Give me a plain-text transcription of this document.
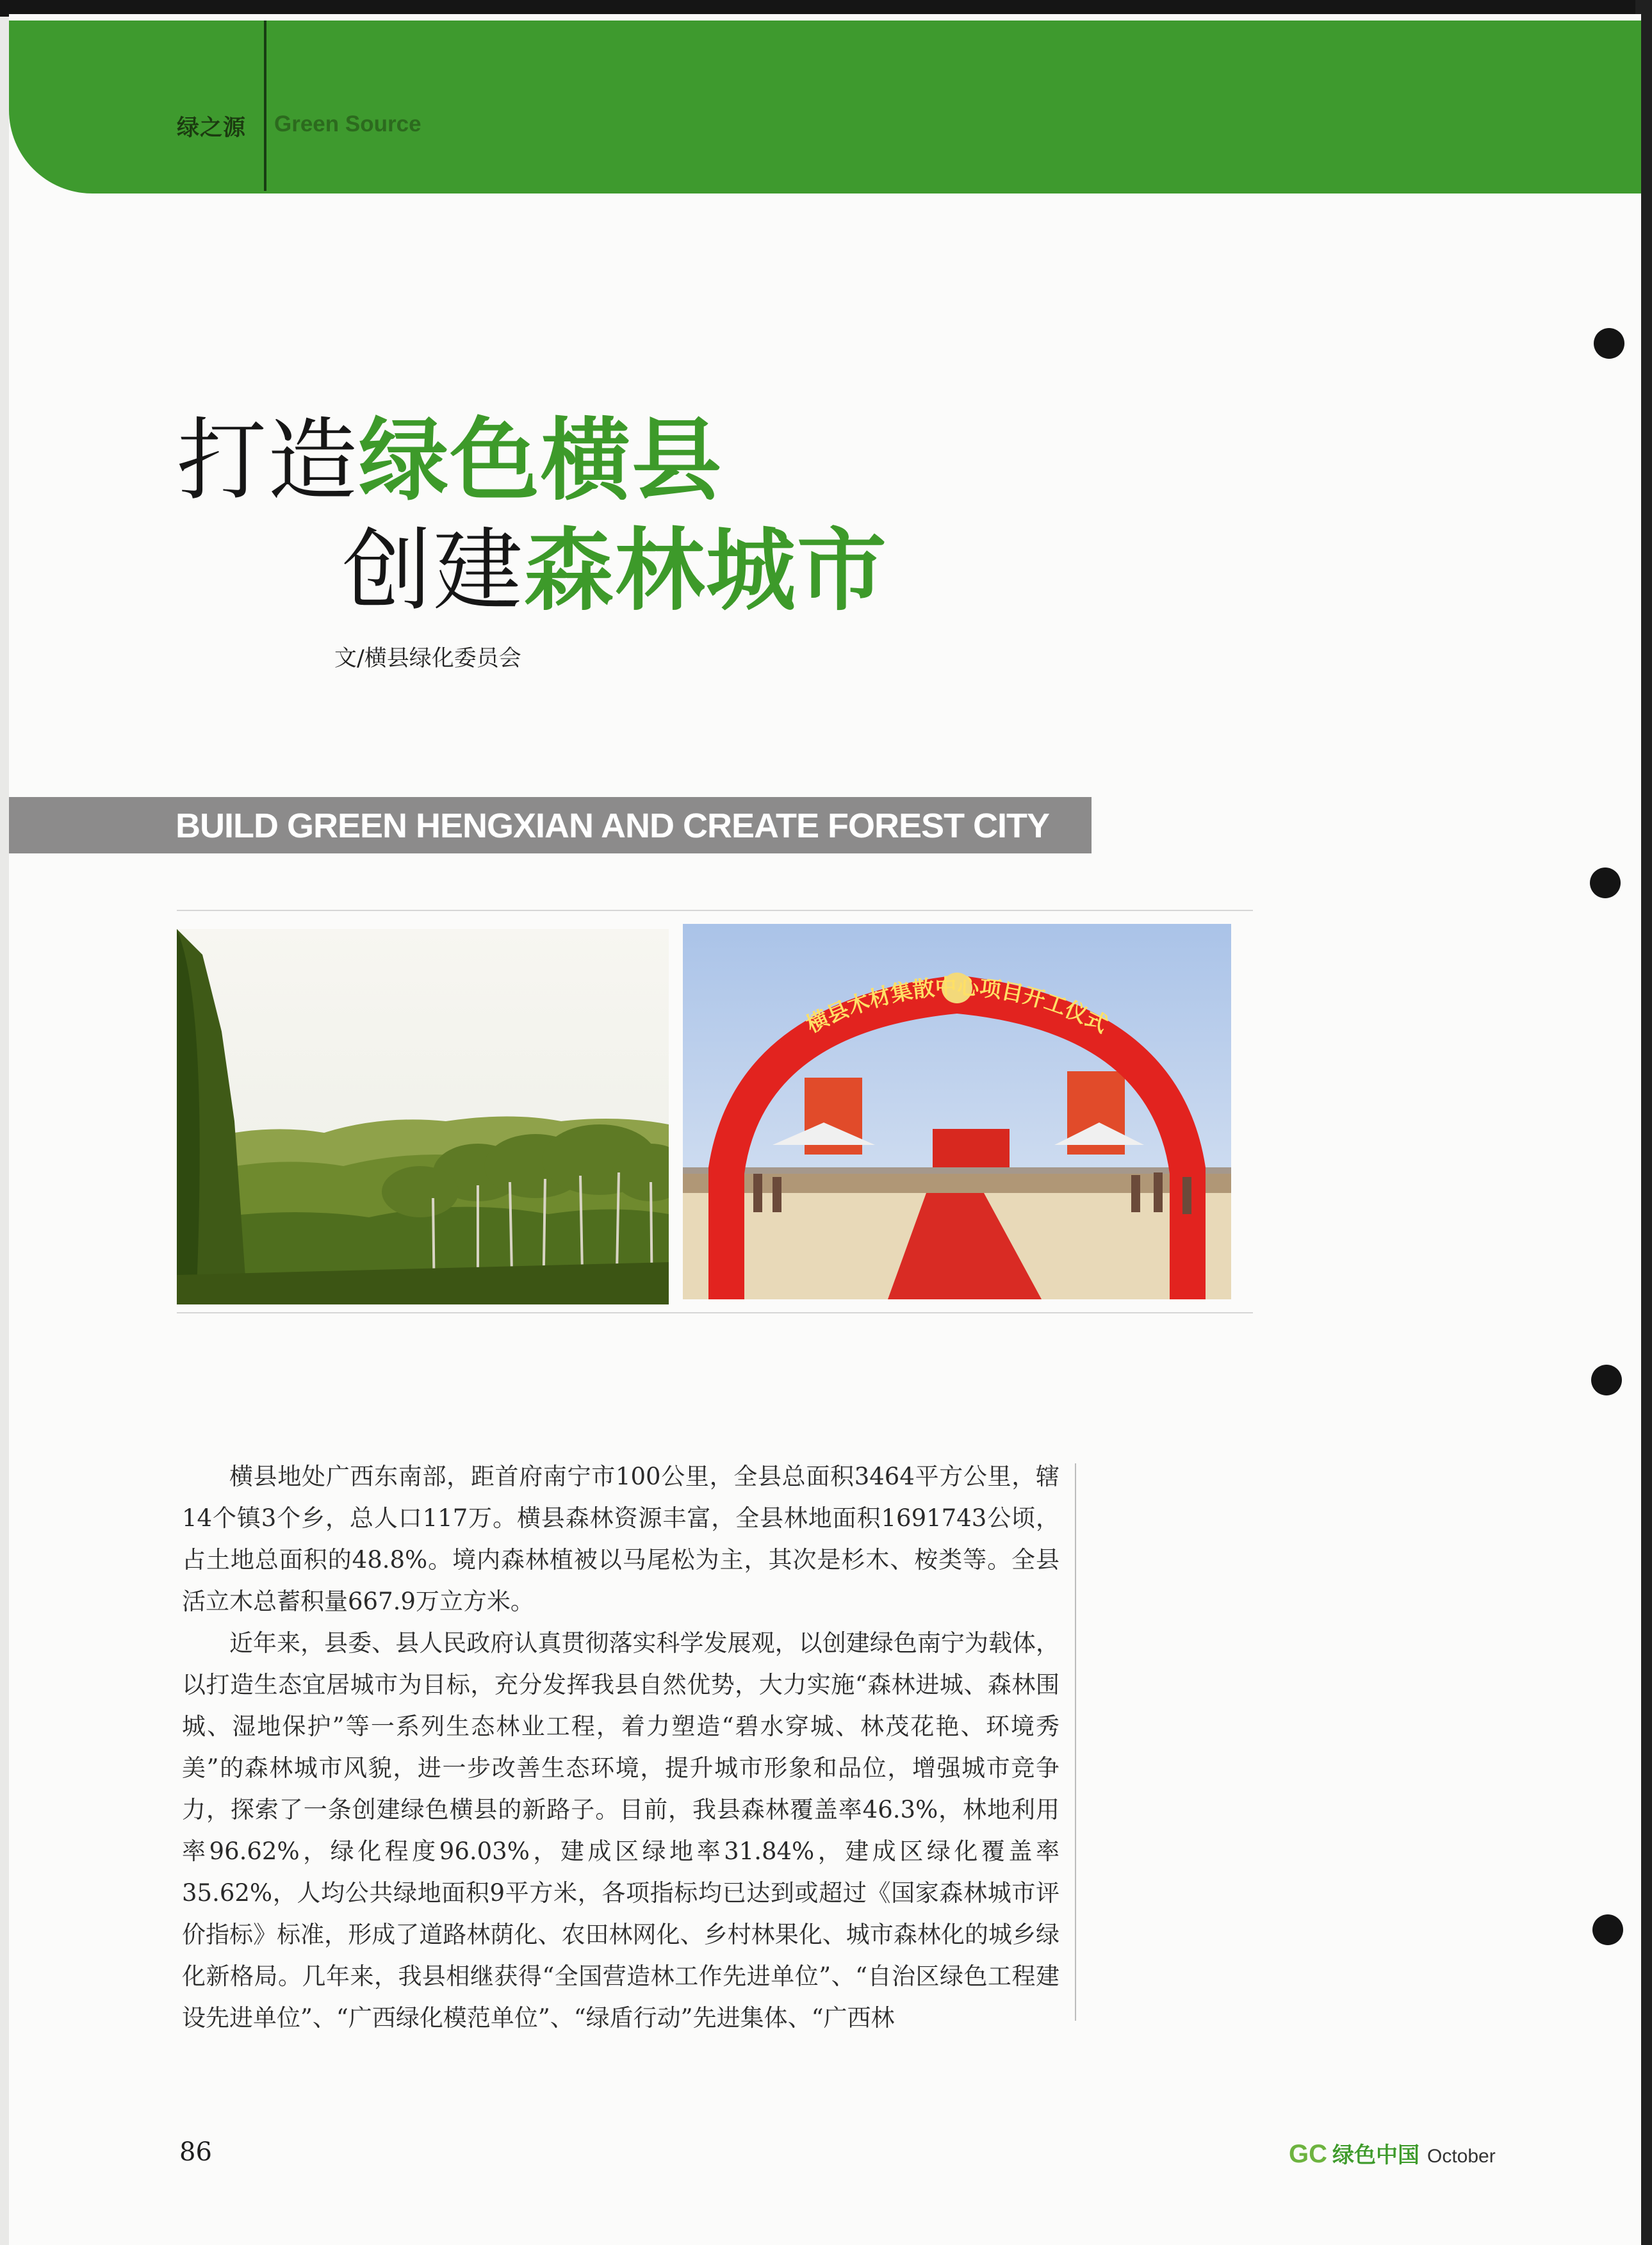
绿之源 Green Source
打造绿色横县
创建森林城市
文/横县绿化委员会
BUILD GREEN HENGXIAN AND CREATE FOREST CITY
横县木材集散中心项目开工仪式

横县地处广西东南部，距首府南宁市100公里，全县总面积3464平方公里，辖14个镇3个乡，总人口117万。横县森林资源丰富，全县林地面积1691743公顷，占土地总面积的48.8%。境内森林植被以马尾松为主，其次是杉木、桉类等。全县活立木总蓄积量667.9万立方米。

近年来，县委、县人民政府认真贯彻落实科学发展观，以创建绿色南宁为载体，以打造生态宜居城市为目标，充分发挥我县自然优势，大力实施“森林进城、森林围城、湿地保护”等一系列生态林业工程，着力塑造“碧水穿城、林茂花艳、环境秀美”的森林城市风貌，进一步改善生态环境，提升城市形象和品位，增强城市竞争力，探索了一条创建绿色横县的新路子。目前，我县森林覆盖率46.3%，林地利用率96.62%，绿化程度96.03%，建成区绿地率31.84%，建成区绿化覆盖率35.62%，人均公共绿地面积9平方米，各项指标均已达到或超过《国家森林城市评价指标》标准，形成了道路林荫化、农田林网化、乡村林果化、城市森林化的城乡绿化新格局。几年来，我县相继获得“全国营造林工作先进单位”、“自治区绿色工程建设先进单位”、“广西绿化模范单位”、“绿盾行动”先进集体、“广西林

86	GC 绿色中国 October
